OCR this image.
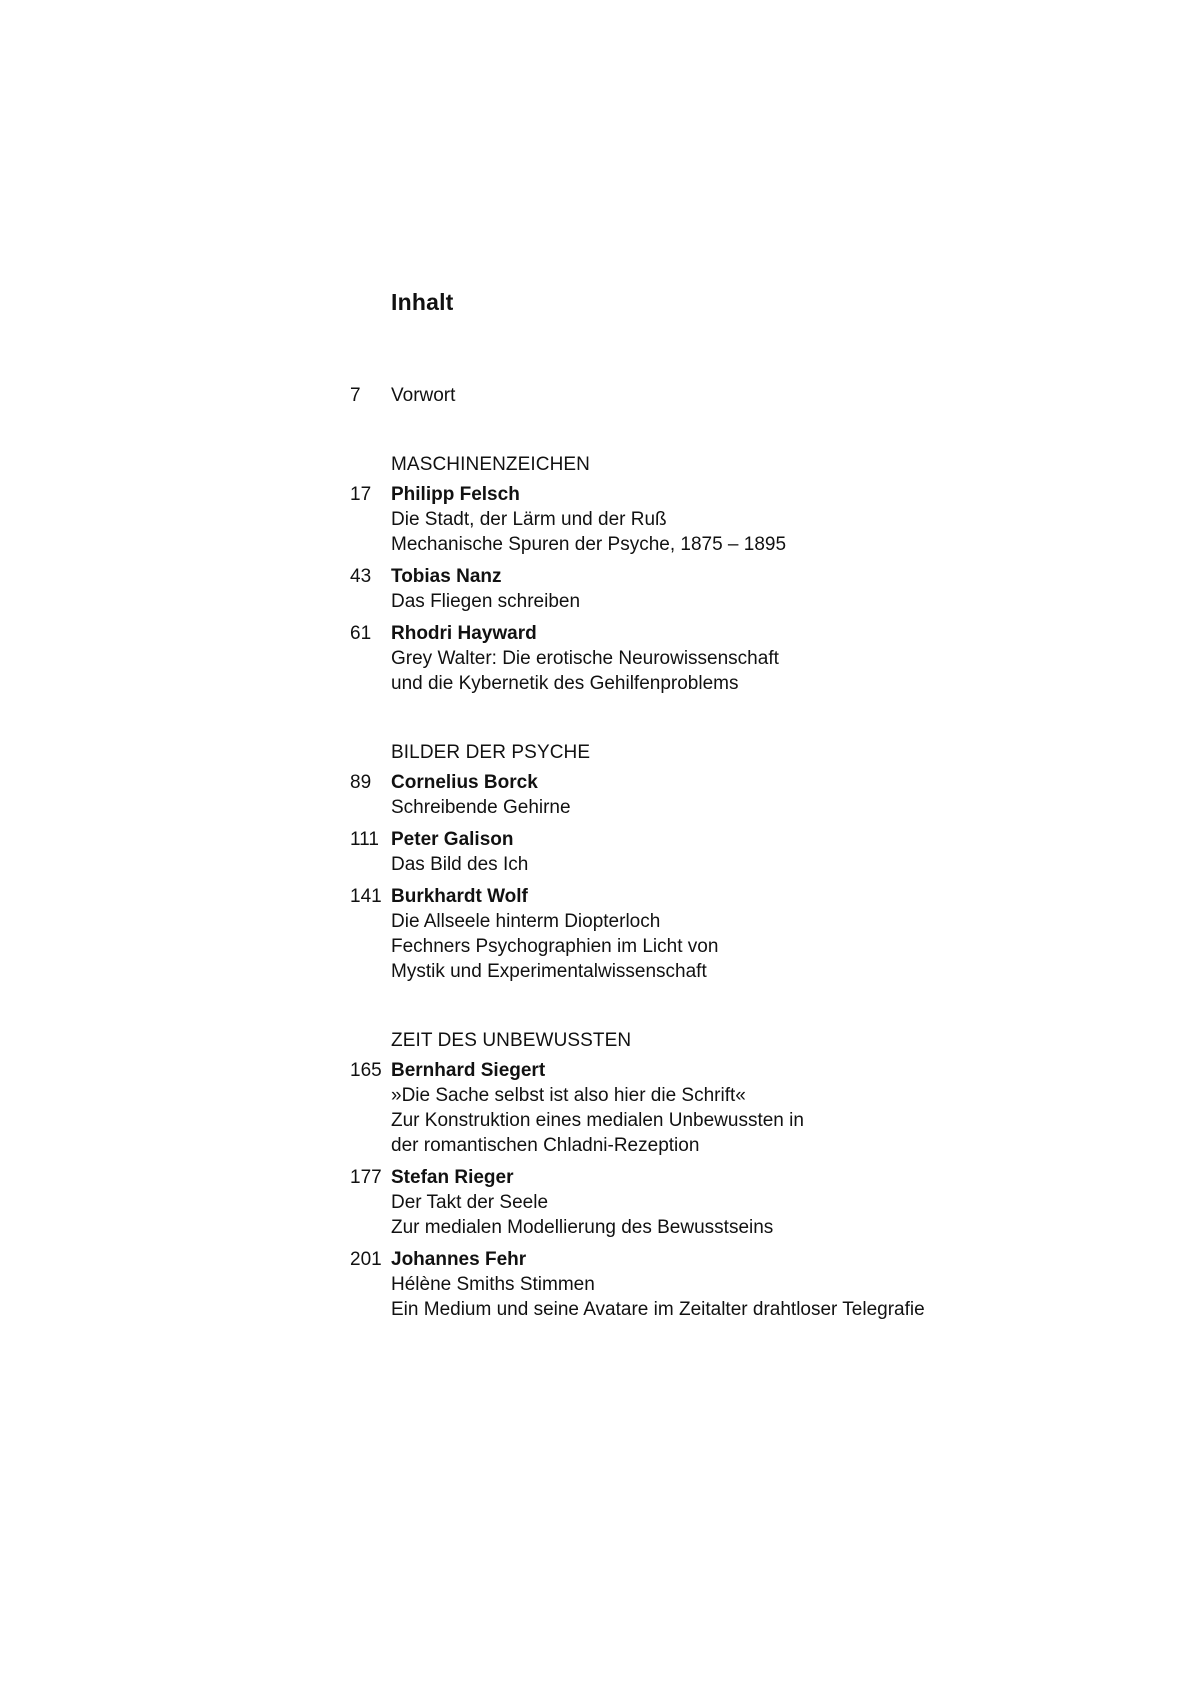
Inhalt
7	Vorwort
MASCHINENZEICHEN
17	Philipp Felsch
Die Stadt, der Lärm und der Ruß
Mechanische Spuren der Psyche, 1875 – 1895
43	Tobias Nanz
Das Fliegen schreiben
61	Rhodri Hayward
Grey Walter: Die erotische Neurowissenschaft
und die Kybernetik des Gehilfenproblems
BILDER DER PSYCHE
89	Cornelius Borck
Schreibende Gehirne
111 Peter Galison
Das Bild des Ich
141 Burkhardt Wolf
Die Allseele hinterm Diopterloch
Fechners Psychographien im Licht von
Mystik und Experimentalwissenschaft
ZEIT DES UNBEWUSSTEN
165 Bernhard Siegert
»Die Sache selbst ist also hier die Schrift«
Zur Konstruktion eines medialen Unbewussten in
der romantischen Chladni-Rezeption
177 Stefan Rieger
Der Takt der Seele
Zur medialen Modellierung des Bewusstseins
201 Johannes Fehr
Hélène Smiths Stimmen
Ein Medium und seine Avatare im Zeitalter drahtloser Telegrafie
